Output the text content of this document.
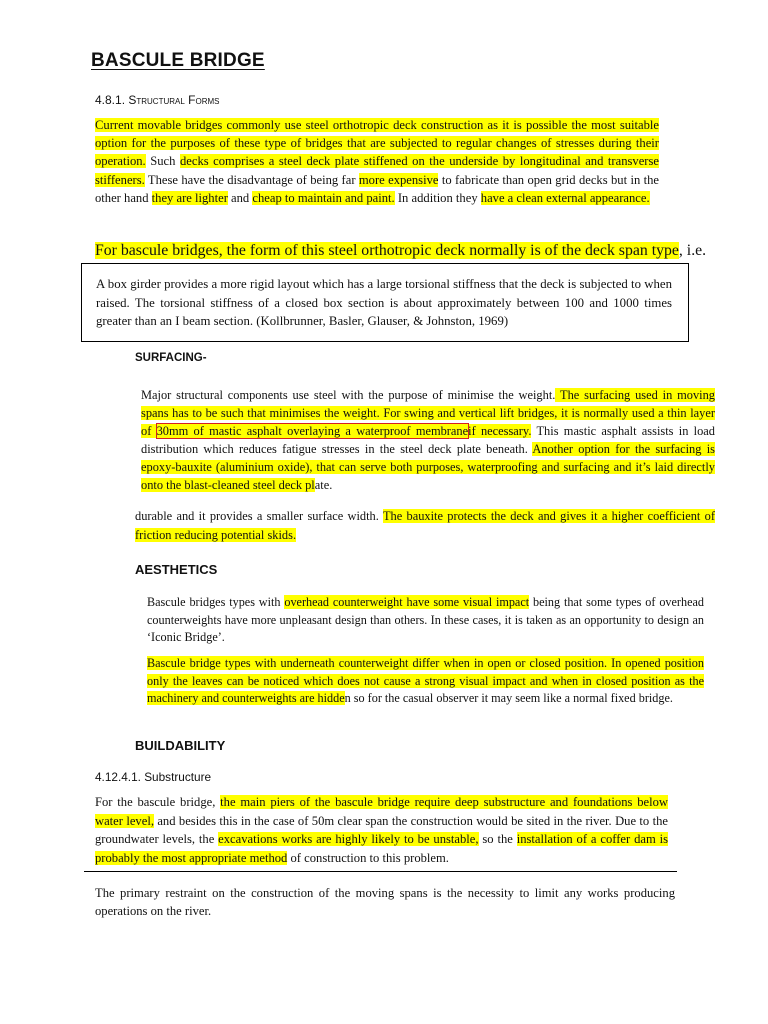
BASCULE BRIDGE
4.8.1. Structural Forms
Current movable bridges commonly use steel orthotropic deck construction as it is possible the most suitable option for the purposes of these type of bridges that are subjected to regular changes of stresses during their operation. Such decks comprises a steel deck plate stiffened on the underside by longitudinal and transverse stiffeners. These have the disadvantage of being far more expensive to fabricate than open grid decks but in the other hand they are lighter and cheap to maintain and paint. In addition they have a clean external appearance.
For bascule bridges, the form of this steel orthotropic deck normally is of the deck span type, i.e.
A box girder provides a more rigid layout which has a large torsional stiffness that the deck is subjected to when raised. The torsional stiffness of a closed box section is about approximately between 100 and 1000 times greater than an I beam section. (Kollbrunner, Basler, Glauser, & Johnston, 1969)
SURFACING-
Major structural components use steel with the purpose of minimise the weight. The surfacing used in moving spans has to be such that minimises the weight. For swing and vertical lift bridges, it is normally used a thin layer of 30mm of mastic asphalt overlaying a waterproof membraneif necessary. This mastic asphalt assists in load distribution which reduces fatigue stresses in the steel deck plate beneath. Another option for the surfacing is epoxy-bauxite (aluminium oxide), that can serve both purposes, waterproofing and surfacing and it’s laid directly onto the blast-cleaned steel deck plate.
durable and it provides a smaller surface width. The bauxite protects the deck and gives it a higher coefficient of friction reducing potential skids.
AESTHETICS
Bascule bridges types with overhead counterweight have some visual impact being that some types of overhead counterweights have more unpleasant design than others. In these cases, it is taken as an opportunity to design an ‘Iconic Bridge’.
Bascule bridge types with underneath counterweight differ when in open or closed position. In opened position only the leaves can be noticed which does not cause a strong visual impact and when in closed position as the machinery and counterweights are hidden so for the casual observer it may seem like a normal fixed bridge.
BUILDABILITY
4.12.4.1. Substructure
For the bascule bridge, the main piers of the bascule bridge require deep substructure and foundations below water level, and besides this in the case of 50m clear span the construction would be sited in the river. Due to the groundwater levels, the excavations works are highly likely to be unstable, so the installation of a coffer dam is probably the most appropriate method of construction to this problem.
The primary restraint on the construction of the moving spans is the necessity to limit any works producing operations on the river.
